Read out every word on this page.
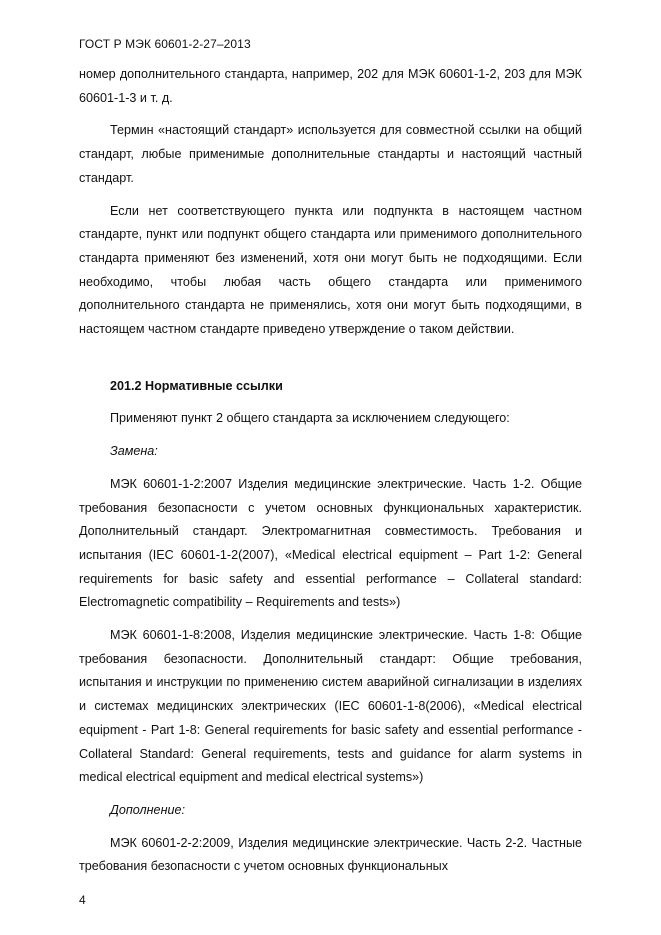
ГОСТ Р МЭК 60601-2-27–2013

номер дополнительного стандарта, например, 202 для МЭК 60601-1-2, 203 для МЭК 60601-1-3 и т. д.

Термин «настоящий стандарт» используется для совместной ссылки на общий стандарт, любые применимые дополнительные стандарты и настоящий частный стандарт.

Если нет соответствующего пункта или подпункта в настоящем частном стандарте, пункт или подпункт общего стандарта или применимого дополнительного стандарта применяют без изменений, хотя они могут быть не подходящими. Если необходимо, чтобы любая часть общего стандарта или применимого дополнительного стандарта не применялись, хотя они могут быть подходящими, в настоящем частном стандарте приведено утверждение о таком действии.

201.2 Нормативные ссылки

Применяют пункт 2 общего стандарта за исключением следующего:

Замена:

МЭК 60601-1-2:2007 Изделия медицинские электрические. Часть 1-2. Общие требования безопасности с учетом основных функциональных характеристик. Дополнительный стандарт. Электромагнитная совместимость. Требования и испытания (IEC 60601-1-2(2007), «Medical electrical equipment – Part 1-2: General requirements for basic safety and essential performance – Collateral standard: Electromagnetic compatibility – Requirements and tests»)

МЭК 60601-1-8:2008, Изделия медицинские электрические. Часть 1-8: Общие требования безопасности. Дополнительный стандарт: Общие требования, испытания и инструкции по применению систем аварийной сигнализации в изделиях и системах медицинских электрических (IEC 60601-1-8(2006), «Medical electrical equipment - Part 1-8: General requirements for basic safety and essential performance - Collateral Standard: General requirements, tests and guidance for alarm systems in medical electrical equipment and medical electrical systems»)

Дополнение:

МЭК 60601-2-2:2009, Изделия медицинские электрические. Часть 2-2. Частные требования безопасности с учетом основных функциональных

4
